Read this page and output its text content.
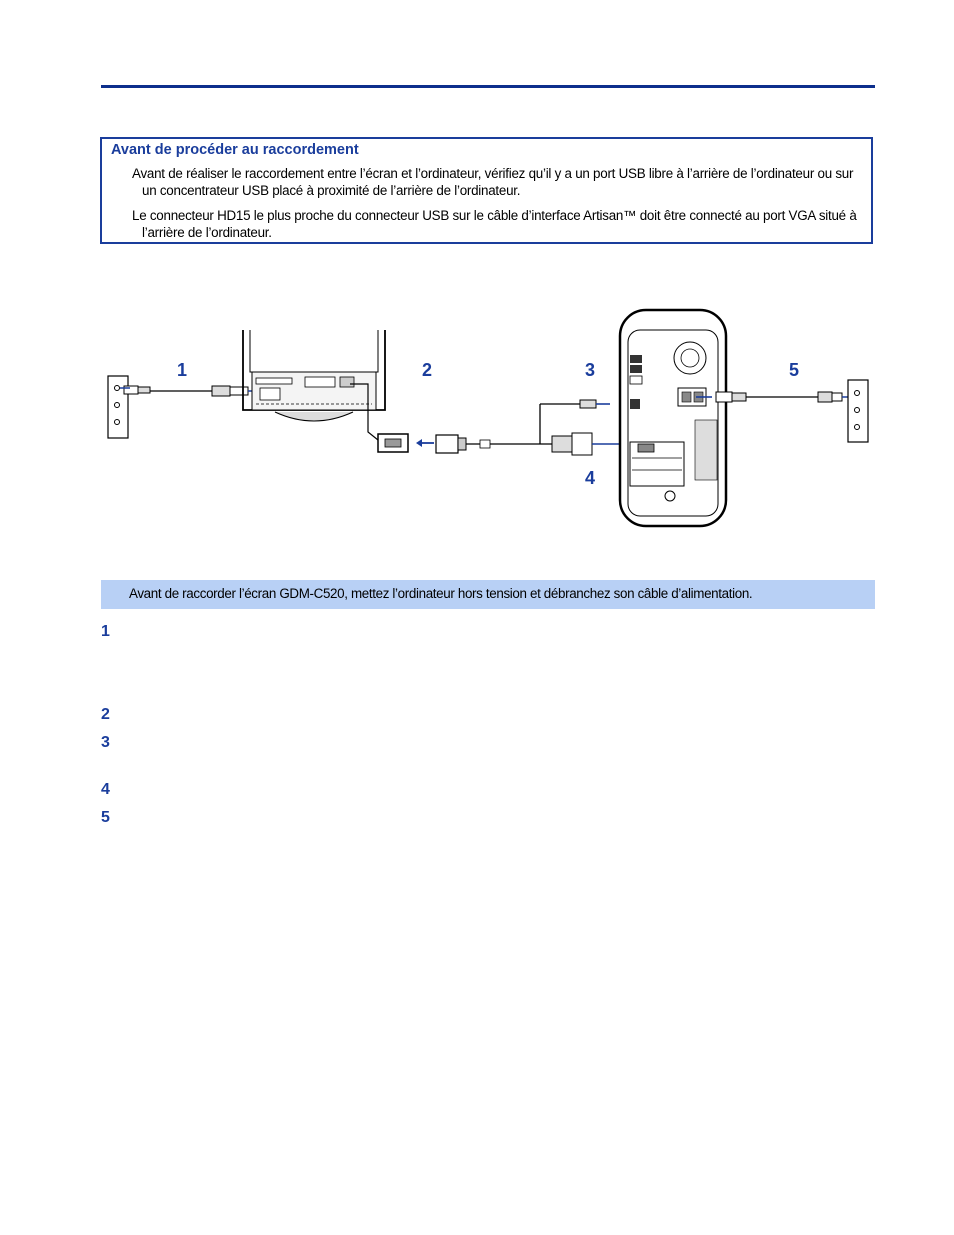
Avant de procéder au raccordement
Avant de réaliser le raccordement entre l’écran et l’ordinateur, vérifiez qu’il y a un port USB libre à l’arrière de l’ordinateur ou sur un concentrateur USB placé à proximité de l’arrière de l’ordinateur.
Le connecteur HD15 le plus proche du connecteur USB sur le câble d’interface Artisan™ doit être connecté au port VGA situé à l’arrière de l’ordinateur.
1	2	3	5
4
Avant de raccorder l’écran GDM-C520, mettez l’ordinateur hors tension et débranchez son câble d’alimentation.
1
2
3
4
5
